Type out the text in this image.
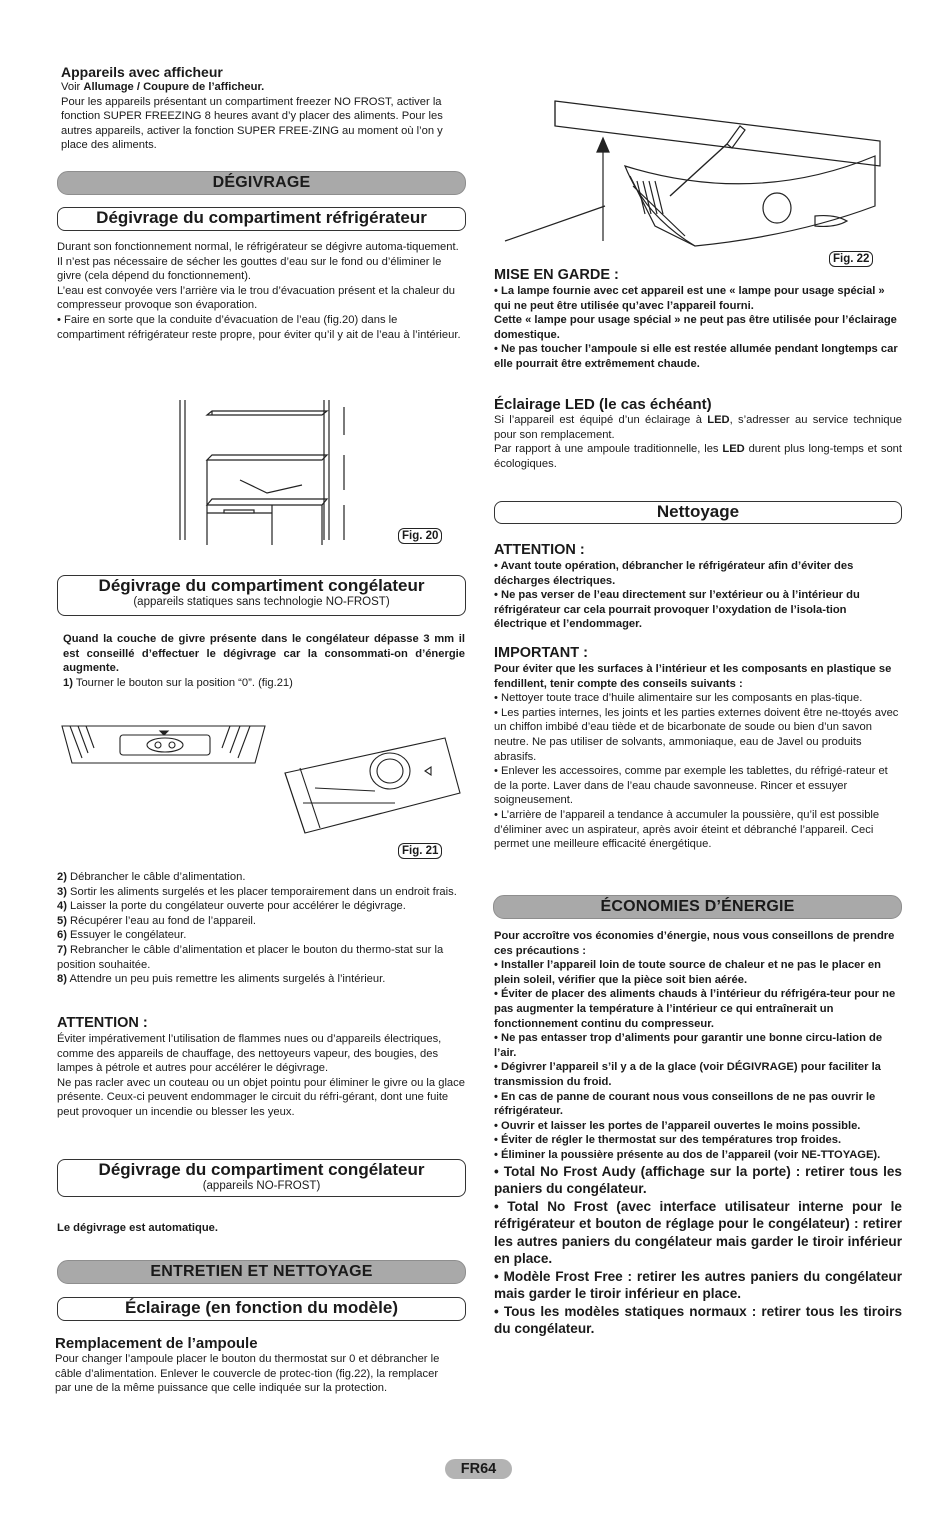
Appareils avec afficheur

Voir Allumage / Coupure de l’afficheur.

Pour les appareils présentant un compartiment freezer NO FROST, activer la fonction SUPER FREEZING 8 heures avant d’y placer des aliments. Pour les autres appareils, activer la fonction SUPER FREE-ZING au moment où l’on y place des aliments.

DÉGIVRAGE
Dégivrage du compartiment réfrigérateur

Durant son fonctionnement normal, le réfrigérateur se dégivre automa-tiquement.

Il n’est pas nécessaire de sécher les gouttes d’eau sur le fond ou d’éliminer le givre (cela dépend du fonctionnement).

L’eau est convoyée vers l’arrière via le trou d’évacuation présent et la chaleur du compresseur provoque son évaporation.

• Faire en sorte que la conduite d’évacuation de l’eau (fig.20) dans le compartiment réfrigérateur reste propre, pour éviter qu’il y ait de l’eau à l’intérieur.

Fig. 20
Dégivrage du compartiment congélateur
(appareils statiques sans technologie NO-FROST)

Quand la couche de givre présente dans le congélateur dépasse 3 mm il est conseillé d’effectuer le dégivrage car la consommati-on d’énergie augmente.

1) Tourner le bouton sur la position “0”. (fig.21)

Fig. 21

2) Débrancher le câble d’alimentation.

3) Sortir les aliments surgelés et les placer temporairement dans un endroit frais.

4) Laisser la porte du congélateur ouverte pour accélérer le dégivrage.

5) Récupérer l’eau au fond de l’appareil.

6) Essuyer le congélateur.

7) Rebrancher le câble d’alimentation et placer le bouton du thermo-stat sur la position souhaitée.

8) Attendre un peu puis remettre les aliments surgelés à l’intérieur.

ATTENTION :

Éviter impérativement l’utilisation de flammes nues ou d’appareils électriques, comme des appareils de chauffage, des nettoyeurs vapeur, des bougies, des lampes à pétrole et autres pour accélérer le dégivrage.

Ne pas racler avec un couteau ou un objet pointu pour éliminer le givre ou la glace présente. Ceux-ci peuvent endommager le circuit du réfri-gérant, dont une fuite peut provoquer un incendie ou blesser les yeux.

Dégivrage du compartiment congélateur
(appareils NO-FROST)

Le dégivrage est automatique.

ENTRETIEN ET NETTOYAGE
Éclairage (en fonction du modèle)

Remplacement de l’ampoule

Pour changer l’ampoule placer le bouton du thermostat sur 0 et débrancher le câble d’alimentation. Enlever le couvercle de protec-tion (fig.22), la remplacer par une de la même puissance que celle indiquée sur la protection.

Fig. 22

MISE EN GARDE :

• La lampe fournie avec cet appareil est une « lampe pour usage spécial » qui ne peut être utilisée qu’avec l’appareil fourni.

Cette « lampe pour usage spécial » ne peut pas être utilisée pour l’éclairage domestique.

• Ne pas toucher l’ampoule si elle est restée allumée pendant longtemps car elle pourrait être extrêmement chaude.

Éclairage LED (le cas échéant)

Si l’appareil est équipé d’un éclairage à LED, s’adresser au service technique pour son remplacement.

Par rapport à une ampoule traditionnelle, les LED durent plus long-temps et sont écologiques.

Nettoyage

ATTENTION :

• Avant toute opération, débrancher le réfrigérateur afin d’éviter des décharges électriques.

• Ne pas verser de l’eau directement sur l’extérieur ou à l’intérieur du réfrigérateur car cela pourrait provoquer l’oxydation de l’isola-tion électrique et l’endommager.

IMPORTANT :

Pour éviter que les surfaces à l’intérieur et les composants en plastique se fendillent, tenir compte des conseils suivants :

• Nettoyer toute trace d’huile alimentaire sur les composants en plas-tique.

• Les parties internes, les joints et les parties externes doivent être ne-ttoyés avec un chiffon imbibé d’eau tiède et de bicarbonate de soude ou bien d’un savon neutre. Ne pas utiliser de solvants, ammoniaque, eau de Javel ou produits abrasifs.

• Enlever les accessoires, comme par exemple les tablettes, du réfrigé-rateur et de la porte. Laver dans de l’eau chaude savonneuse. Rincer et essuyer soigneusement.

• L’arrière de l’appareil a tendance à accumuler la poussière, qu’il est possible d’éliminer avec un aspirateur, après avoir éteint et débranché l’appareil. Ceci permet une meilleure efficacité énergétique.

ÉCONOMIES D’ÉNERGIE

Pour accroître vos économies d’énergie, nous vous conseillons de prendre ces précautions :

• Installer l’appareil loin de toute source de chaleur et ne pas le placer en plein soleil, vérifier que la pièce soit bien aérée.

• Éviter de placer des aliments chauds à l’intérieur du réfrigéra-teur pour ne pas augmenter la température à l’intérieur ce qui entraînerait un fonctionnement continu du compresseur.

• Ne pas entasser trop d’aliments pour garantir une bonne circu-lation de l’air.

• Dégivrer l’appareil s’il y a de la glace (voir DÉGIVRAGE) pour faciliter la transmission du froid.

• En cas de panne de courant nous vous conseillons de ne pas ouvrir le réfrigérateur.

• Ouvrir et laisser les portes de l’appareil ouvertes le moins possible.

• Éviter de régler le thermostat sur des températures trop froides.

• Éliminer la poussière présente au dos de l’appareil (voir NE-TTOYAGE).

• Total No Frost Audy (affichage sur la porte) : retirer tous les paniers du congélateur.

• Total No Frost (avec interface utilisateur interne pour le réfrigérateur et bouton de réglage pour le congélateur) : retirer les autres paniers du congélateur mais garder le tiroir inférieur en place.

• Modèle Frost Free : retirer les autres paniers du congélateur mais garder le tiroir inférieur en place.

• Tous les modèles statiques normaux : retirer tous les tiroirs du congélateur.

FR64
